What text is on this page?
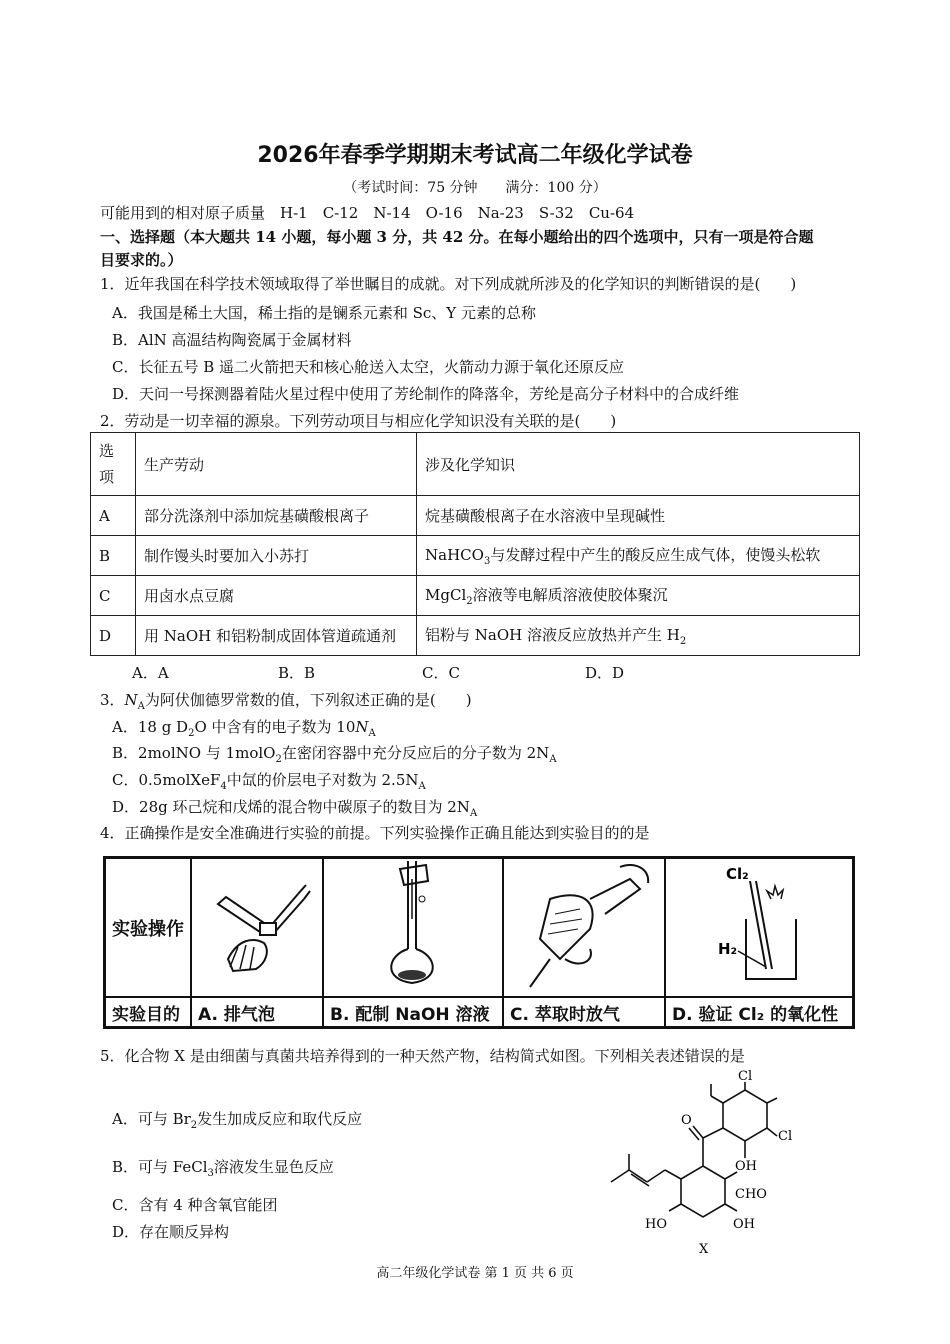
2026年春季学期期末考试高二年级化学试卷
（考试时间：75 分钟　　满分：100 分）
可能用到的相对原子质量　H-1　C-12　N-14　O-16　Na-23　S-32　Cu-64
一、选择题（本大题共 14 小题，每小题 3 分，共 42 分。在每小题给出的四个选项中，只有一项是符合题
目要求的。）
1．近年我国在科学技术领域取得了举世瞩目的成就。对下列成就所涉及的化学知识的判断错误的是(　　)
A．我国是稀土大国，稀土指的是镧系元素和 Sc、Y 元素的总称
B．AlN 高温结构陶瓷属于金属材料
C．长征五号 B 遥二火箭把天和核心舱送入太空，火箭动力源于氧化还原反应
D．天问一号探测器着陆火星过程中使用了芳纶制作的降落伞，芳纶是高分子材料中的合成纤维
2．劳动是一切幸福的源泉。下列劳动项目与相应化学知识没有关联的是(　　)
选
项	生产劳动	涉及化学知识
A	部分洗涤剂中添加烷基磺酸根离子	烷基磺酸根离子在水溶液中呈现碱性
B	制作馒头时要加入小苏打	NaHCO$_3$与发酵过程中产生的酸反应生成气体，使馒头松软
C	用卤水点豆腐	MgCl$_2$溶液等电解质溶液使胶体聚沉
D	用 NaOH 和铝粉制成固体管道疏通剂	铝粉与 NaOH 溶液反应放热并产生 $H_2$
A．A	B．B	C．C	D．D
3．$N_A$为阿伏伽德罗常数的值，下列叙述正确的是(　　)
A．18 g $D_2O$ 中含有的电子数为 $10N_A$
B．2molNO 与 1molO$_2$在密闭容器中充分反应后的分子数为 $2N_A$
C．0.5molXeF$_4$中氙的价层电子对数为 $2.5N_A$
D．28g 环己烷和戊烯的混合物中碳原子的数目为 $2N_A$
4．正确操作是安全准确进行实验的前提。下列实验操作正确且能达到实验目的的是
实验操作				Cl₂
H₂

实验目的	A. 排气泡	B. 配制 NaOH 溶液	C. 萃取时放气	D. 验证 Cl₂ 的氧化性
5．化合物 X 是由细菌与真菌共培养得到的一种天然产物，结构简式如图。下列相关表述错误的是
A．可与 $Br_2$发生加成反应和取代反应
B．可与 FeCl$_3$溶液发生显色反应
C．含有 4 种含氧官能团
D．存在顺反异构
Cl
Cl
OH
CHO
HO	OH
X
O
高二年级化学试卷 第 1 页 共 6 页
